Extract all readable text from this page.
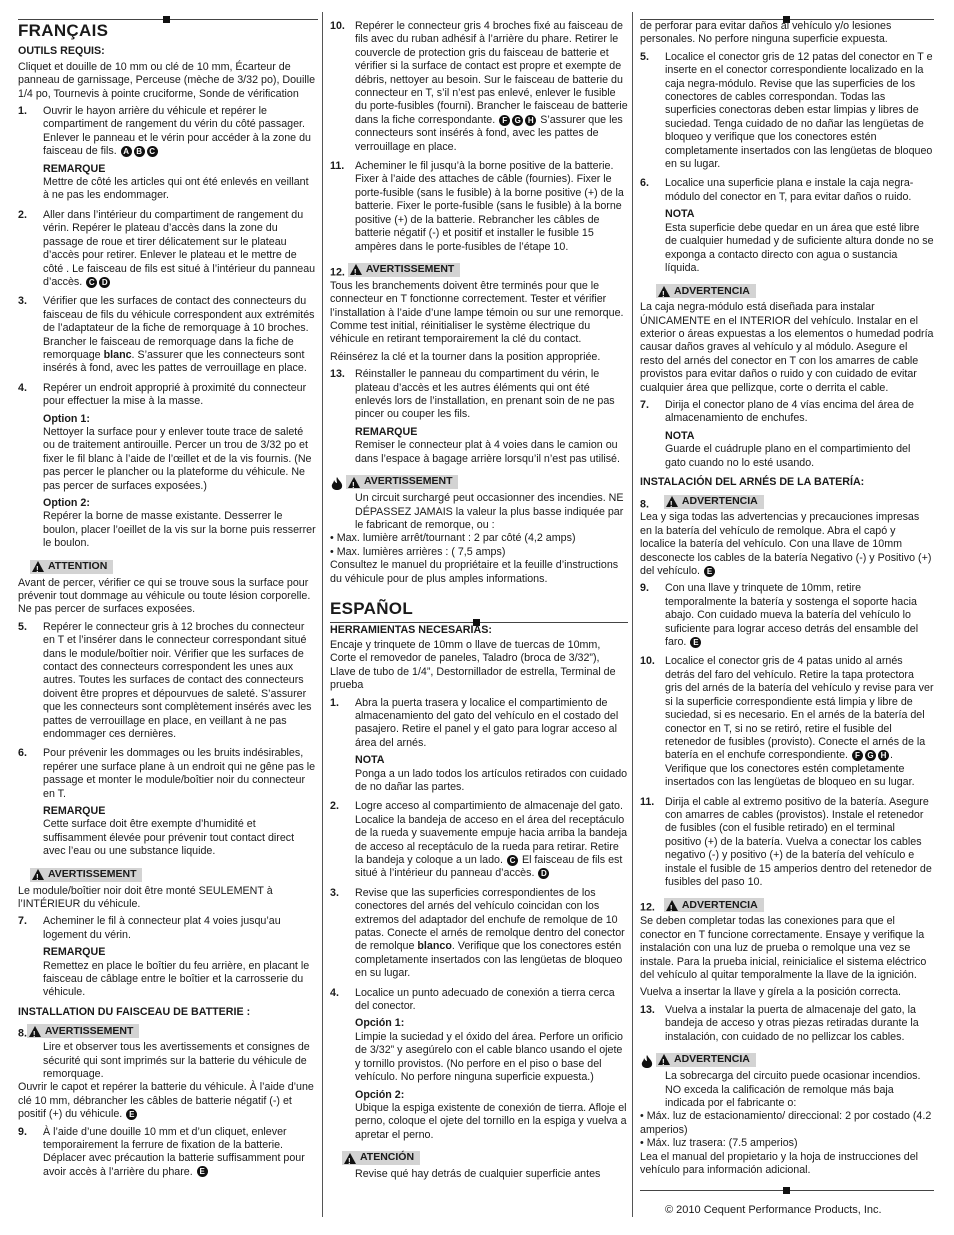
FRANÇAIS
OUTILS REQUIS:
Cliquet et douille de 10 mm ou clé de 10 mm, Écarteur de panneau de garnissage, Perceuse (mèche de 3/32 po), Douille 1/4 po, Tournevis à pointe cruciforme, Sonde de vérification
1. Ouvrir le hayon arrière du véhicule et repérer le compartiment de rangement du vérin du côté passager. Enlever le panneau et le vérin pour accéder à la zone du faisceau de fils. A B C
REMARQUE
Mettre de côté les articles qui ont été enlevés en veillant à ne pas les endommager.
2. Aller dans l’intérieur du compartiment de rangement du vérin. Repérer le plateau d’accès dans la zone du passage de roue et tirer délicatement sur le plateau d’accès pour retirer. Enlever le plateau et le mettre de côté . Le faisceau de fils est situé à l’intérieur du panneau d’accès. C D
3. Vérifier que les surfaces de contact des connecteurs du faisceau de fils du véhicule correspondent aux extrémités de l’adaptateur de la fiche de remorquage à 10 broches. Brancher le faisceau de remorquage dans la fiche de remorquage blanc. S’assurer que les connecteurs sont insérés à fond, avec les pattes de verrouillage en place.
4. Repérer un endroit approprié à proximité du connecteur pour effectuer la mise à la masse.
Option 1:
Nettoyer la surface pour y enlever toute trace de saleté ou de traitement antirouille. Percer un trou de 3/32 po et fixer le fil blanc à l’aide de l’œillet et de la vis fournis. (Ne pas percer le plancher ou la plateforme du véhicule. Ne pas percer de surfaces exposées.)
Option 2:
Repérer la borne de masse existante. Desserrer le boulon, placer l’oeillet de la vis sur la borne puis resserrer le boulon.
!
ATTENTION
Avant de percer, vérifier ce qui se trouve sous la surface pour prévenir tout dommage au véhicule ou toute lésion corporelle. Ne pas percer de surfaces exposées.
5. Repérer le connecteur gris à 12 broches du connecteur en T et l’insérer dans le connecteur correspondant situé dans le module/boîtier noir. Vérifier que les surfaces de contact des connecteurs correspondent les unes aux autres. Toutes les surfaces de contact des connecteurs doivent être propres et dépourvues de saleté. S’assurer que les connecteurs sont complètement insérés avec les pattes de verrouillage en place, en veillant à ne pas endommager ces dernières.
6. Pour prévenir les dommages ou les bruits indésirables, repérer une surface plane à un endroit qui ne gêne pas le passage et monter le module/boîtier noir du connecteur en T.
REMARQUE
Cette surface doit être exempte d’humidité et suffisamment élevée pour prévenir tout contact direct avec l’eau ou une substance liquide.
!
AVERTISSEMENT
Le module/boîtier noir doit être monté SEULEMENT à l’INTÉRIEUR du véhicule.
7. Acheminer le fil à connecteur plat 4 voies jusqu’au logement du vérin.
REMARQUE
Remettez en place le boîtier du feu arrière, en placant le faisceau de câblage entre le boîtier et la carrosserie du véhicule.
INSTALLATION DU FAISCEAU DE BATTERIE :
8. ! AVERTISSEMENT
Lire et observer tous les avertissements et consignes de sécurité qui sont imprimés sur la batterie du véhicule de remorquage.
Ouvrir le capot et repérer la batterie du véhicule. À l’aide d’une clé 10 mm, débrancher les câbles de batterie négatif (-) et positif (+) du véhicule. E
9. À l’aide d’une douille 10 mm et d’un cliquet, enlever temporairement la ferrure de fixation de la batterie. Déplacer avec précaution la batterie suffisamment pour avoir accès à l’arrière du phare. E
10. Repérer le connecteur gris 4 broches fixé au faisceau de fils avec du ruban adhésif à l’arrière du phare. Retirer le couvercle de protection gris du faisceau de batterie et vérifier si la surface de contact est propre et exempte de débris, nettoyer au besoin. Sur le faisceau de batterie du connecteur en T, s’il n’est pas enlevé, enlever le fusible du porte-fusibles (fourni). Brancher le faisceau de batterie dans la fiche correspondante. F G H S’assurer que les connecteurs sont insérés à fond, avec les pattes de verrouillage en place.
11. Acheminer le fil jusqu’à la borne positive de la batterie. Fixer à l’aide des attaches de câble (fournies). Fixer le porte-fusible (sans le fusible) à la borne positive (+) de la batterie. Fixer le porte-fusible (sans le fusible) à la borne positive (+) de la batterie. Rebrancher les câbles de batterie négatif (-) et positif et installer le fusible 15 ampères dans le porte-fusibles de l’étape 10.
12. ! AVERTISSEMENT
Tous les branchements doivent être terminés pour que le connecteur en T fonctionne correctement. Tester et vérifier l’installation à l’aide d’une lampe témoin ou sur une remorque. Comme test initial, réinitialiser le système électrique du véhicule en retirant temporairement la clé du contact.
Réinsérez la clé et la tourner dans la position appropriée.
13. Réinstaller le panneau du compartiment du vérin, le plateau d’accès et les autres éléments qui ont été enlevés lors de l’installation, en prenant soin de ne pas pincer ou couper les fils.
REMARQUE
Remiser le connecteur plat à 4 voies dans le camion ou dans l’espace à bagage arrière lorsqu’il n’est pas utilisé.
!
AVERTISSEMENT
Un circuit surchargé peut occasionner des incendies. NE DÉPASSEZ JAMAIS la valeur la plus basse indiquée par le fabricant de remorque, ou :
• Max. lumière arrêt/tournant : 2 par côté (4,2 amps)
• Max. lumières arrières : ( 7,5 amps)
Consultez le manuel du propriétaire et la feuille d’instructions du véhicule pour de plus amples informations.
ESPAÑOL
HERRAMIENTAS NECESARIAS:
Encaje y trinquete de 10mm o llave de tuercas de 10mm, Corte el removedor de paneles, Taladro (broca de 3/32”), Llave de tubo de 1/4”, Destornillador de estrella, Terminal de prueba
1. Abra la puerta trasera y localice el compartimiento de almacenamiento del gato del vehículo en el costado del pasajero. Retire el panel y el gato para lograr acceso al área del arnés.
NOTA
Ponga a un lado todos los artículos retirados con cuidado de no dañar las partes.
2. Logre acceso al compartimiento de almacenaje del gato. Localice la bandeja de acceso en el área del receptáculo de la rueda y suavemente empuje hacia arriba la bandeja de acceso al receptáculo de la rueda para retirar. Retire la bandeja y coloque a un lado. C El faisceau de fils est situé à l’intérieur du panneau d’accès. D
3. Revise que las superficies correspondientes de los conectores del arnés del vehículo coincidan con los extremos del adaptador del enchufe de remolque de 10 patas. Conecte el arnés de remolque dentro del conector de remolque blanco. Verifique que los conectores estén completamente insertados con las lengüetas de bloqueo en su lugar.
4. Localice un punto adecuado de conexión a tierra cerca del conector.
Opción 1:
Limpie la suciedad y el óxido del área. Perfore un orificio de 3/32” y asegúrelo con el cable blanco usando el ojete y tornillo provistos. (No perfore en el piso o base del vehículo. No perfore ninguna superficie expuesta.)
Opción 2:
Ubique la espiga existente de conexión de tierra. Afloje el perno, coloque el ojete del tornillo en la espiga y vuelva a apretar el perno.
!
ATENCIÓN
Revise qué hay detrás de cualquier superficie antes
de perforar para evitar daños al vehículo y/o lesiones personales. No perfore ninguna superficie expuesta.
5. Localice el conector gris de 12 patas del conector en T e inserte en el conector correspondiente localizado en la caja negra-módulo. Revise que las superficies de los conectores de cables correspondan. Todas las superficies conectoras deben estar limpias y libres de suciedad. Tenga cuidado de no dañar las lengüetas de bloqueo y verifique que los conectores estén completamente insertados con las lengüetas de bloqueo en su lugar.
6. Localice una superficie plana e instale la caja negra-módulo del conector en T, para evitar daños o ruido.
NOTA
Esta superficie debe quedar en un área que esté libre de cualquier humedad y de suficiente altura donde no se exponga a contacto directo con agua o sustancia líquida.
!
ADVERTENCIA
La caja negra-módulo está diseñada para instalar ÚNICAMENTE en el INTERIOR del vehículo. Instalar en el exterior o áreas expuestas a los elementos o humedad podría causar daños graves al vehículo y al módulo. Asegure el resto del arnés del conector en T con los amarres de cable provistos para evitar daños o ruido y con cuidado de evitar cualquier área que pellizque, corte o derrita el cable.
7. Dirija el conector plano de 4 vías encima del área de almacenamiento de enchufes.
NOTA
Guarde el cuádruple plano en el compartimiento del gato cuando no lo esté usando.
INSTALACIÓN DEL ARNÉS DE LA BATERÍA:
8. !	ADVERTENCIA
Lea y siga todas las advertencias y precauciones impresas en la batería del vehículo de remolque. Abra el capó y localice la batería del vehículo. Con una llave de 10mm desconecte los cables de la batería Negativo (-) y Positivo (+) del vehículo. E
9. Con una llave y trinquete de 10mm, retire temporalmente la batería y sostenga el soporte hacia abajo. Con cuidado mueva la batería del vehículo lo suficiente para lograr acceso detrás del ensamble del faro. E
10. Localice el conector gris de 4 patas unido al arnés detrás del faro del vehículo. Retire la tapa protectora gris del arnés de la batería del vehículo y revise para ver si la superficie correspondiente está limpia y libre de suciedad, si es necesario. En el arnés de la batería del conector en T, si no se retiró, retire el fusible del retenedor de fusibles (provisto). Conecte el arnés de la batería en el enchufe correspondiente. F G H . Verifique que los conectores estén completamente insertados con las lengüetas de bloqueo en su lugar.
11. Dirija el cable al extremo positivo de la batería. Asegure con amarres de cables (provistos). Instale el retenedor de fusibles (con el fusible retirado) en el terminal positivo (+) de la batería. Vuelva a conectar los cables negativo (-) y positivo (+) de la batería del vehículo e instale el fusible de 15 amperios dentro del retenedor de fusibles del paso 10.
12. !	ADVERTENCIA
Se deben completar todas las conexiones para que el conector en T funcione correctamente. Ensaye y verifique la instalación con una luz de prueba o remolque una vez se instale. Para la prueba inicial, reinicialice el sistema eléctrico del vehículo al quitar temporalmente la llave de la ignición.
Vuelva a insertar la llave y gírela a la posición correcta.
13. Vuelva a instalar la puerta de almacenaje del gato, la bandeja de acceso y otras piezas retiradas durante la instalación, con cuidado de no pellizcar los cables.
!
ADVERTENCIA
La sobrecarga del circuito puede ocasionar incendios. NO exceda la calificación de remolque más baja indicada por el fabricante o:
• Máx. luz de estacionamiento/ direccional: 2 por costado (4.2 amperios)
• Máx. luz trasera: (7.5 amperios)
Lea el manual del propietario y la hoja de instrucciones del vehículo para información adicional.
© 2010 Cequent Performance Products, Inc.
